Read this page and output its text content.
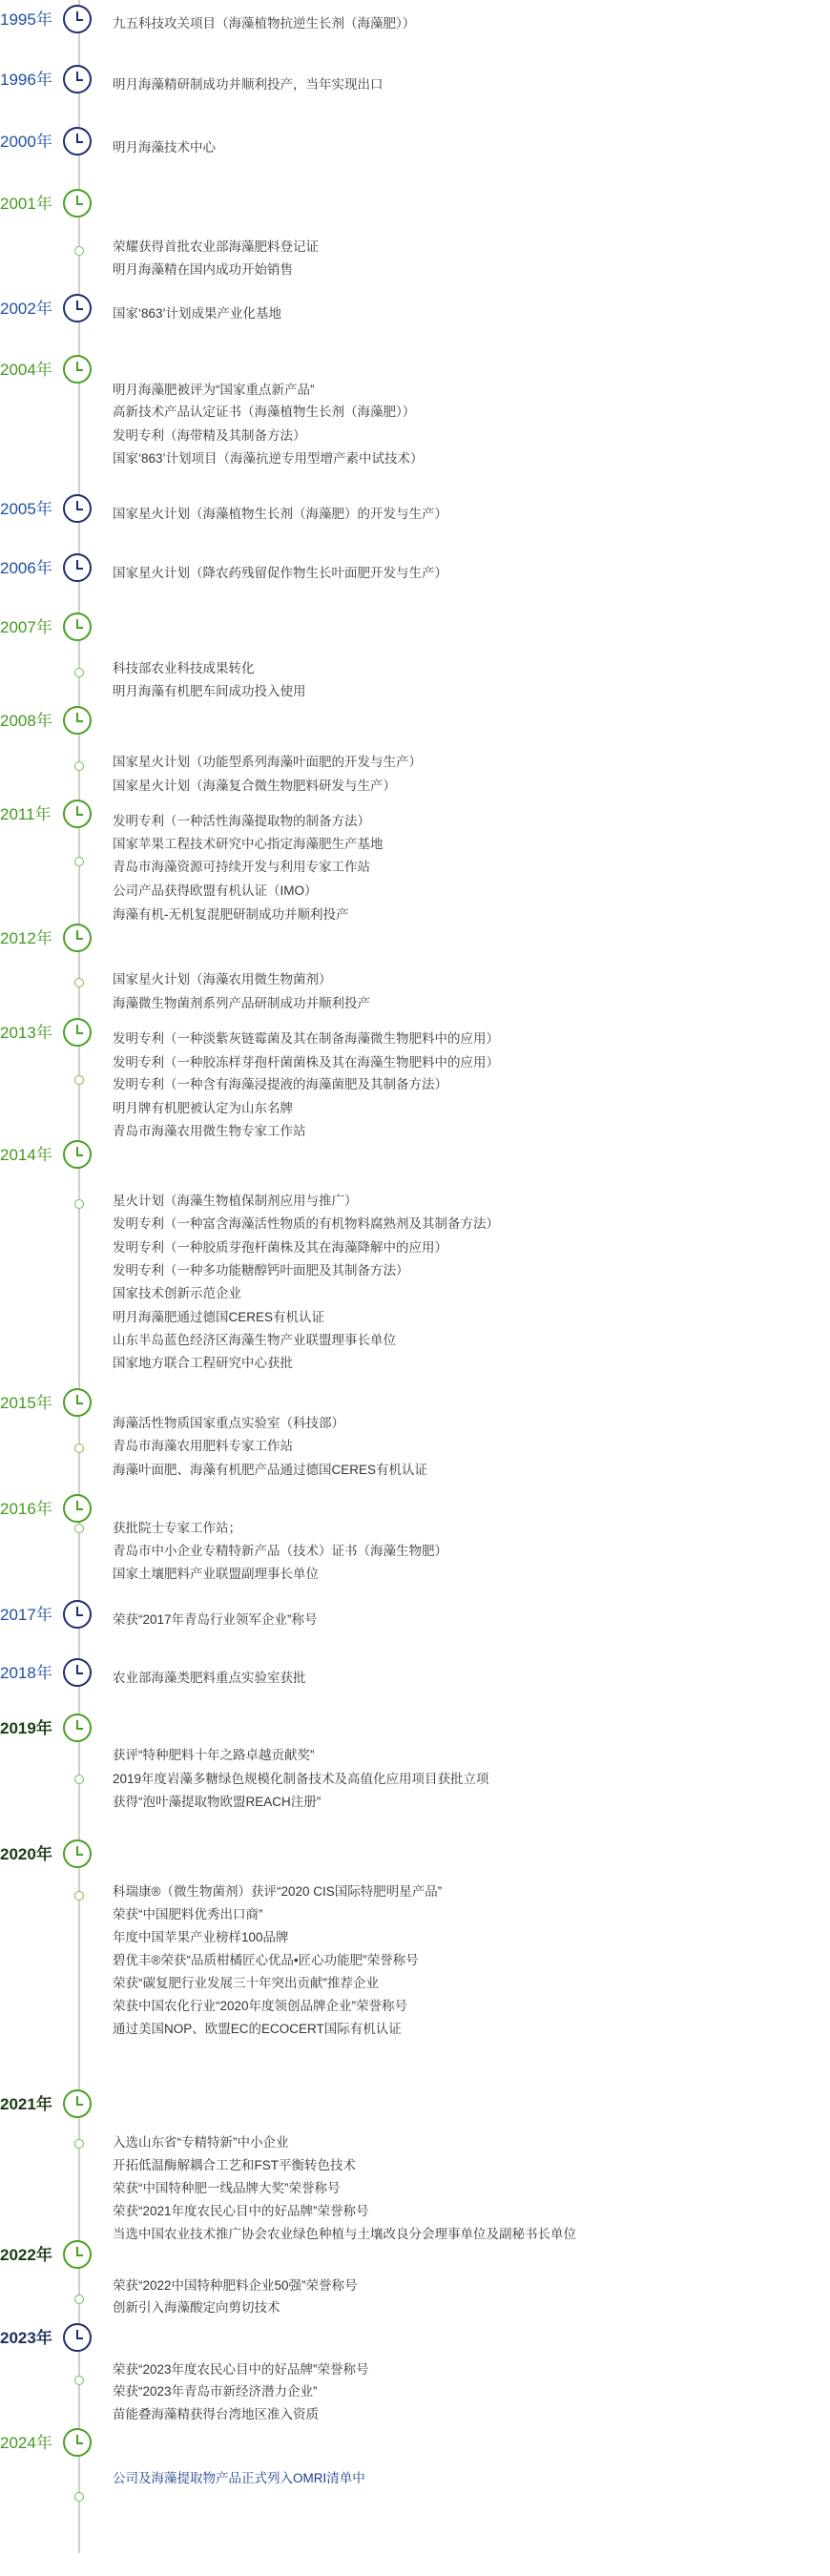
1995年	九五科技攻关项目（海藻植物抗逆生长剂（海藻肥））
1996年	明月海藻精研制成功并顺利投产，当年实现出口
2000年	明月海藻技术中心
2001年
荣耀获得首批农业部海藻肥料登记证
明月海藻精在国内成功开始销售
2002年	国家‘863’计划成果产业化基地
2004年
明月海藻肥被评为“国家重点新产品”
高新技术产品认定证书（海藻植物生长剂（海藻肥））
发明专利（海带精及其制备方法）
国家‘863’计划项目（海藻抗逆专用型增产素中试技术）
2005年	国家星火计划（海藻植物生长剂（海藻肥）的开发与生产）
2006年	国家星火计划（降农药残留促作物生长叶面肥开发与生产）
2007年
科技部农业科技成果转化
明月海藻有机肥车间成功投入使用
2008年
国家星火计划（功能型系列海藻叶面肥的开发与生产）
国家星火计划（海藻复合微生物肥料研发与生产）
2011年	发明专利（一种活性海藻提取物的制备方法）
国家苹果工程技术研究中心指定海藻肥生产基地
青岛市海藻资源可持续开发与利用专家工作站
公司产品获得欧盟有机认证（IMO）
海藻有机-无机复混肥研制成功并顺利投产
2012年
国家星火计划（海藻农用微生物菌剂）
海藻微生物菌剂系列产品研制成功并顺利投产
2013年	发明专利（一种淡紫灰链霉菌及其在制备海藻微生物肥料中的应用）
发明专利（一种胶冻样芽孢杆菌菌株及其在海藻生物肥料中的应用）
发明专利（一种含有海藻浸提液的海藻菌肥及其制备方法）
明月牌有机肥被认定为山东名牌
青岛市海藻农用微生物专家工作站
2014年
星火计划（海藻生物植保制剂应用与推广）
发明专利（一种富含海藻活性物质的有机物料腐熟剂及其制备方法）
发明专利（一种胶质芽孢杆菌株及其在海藻降解中的应用）
发明专利（一种多功能糖醇钙叶面肥及其制备方法）
国家技术创新示范企业
明月海藻肥通过德国CERES有机认证
山东半岛蓝色经济区海藻生物产业联盟理事长单位
国家地方联合工程研究中心获批
2015年
海藻活性物质国家重点实验室（科技部）
青岛市海藻农用肥料专家工作站
海藻叶面肥、海藻有机肥产品通过德国CERES有机认证
2016年
获批院士专家工作站；
青岛市中小企业专精特新产品（技术）证书（海藻生物肥）
国家土壤肥料产业联盟副理事长单位
2017年	荣获“2017年青岛行业领军企业”称号
2018年	农业部海藻类肥料重点实验室获批
2019年
获评“特种肥料十年之路卓越贡献奖”
2019年度岩藻多糖绿色规模化制备技术及高值化应用项目获批立项
获得“泡叶藻提取物欧盟REACH注册”
2020年
科瑞康®（微生物菌剂）获评“2020 CIS国际特肥明星产品”
荣获“中国肥料优秀出口商”
年度中国苹果产业榜样100品牌
碧优丰®荣获“品质柑橘匠心优品•匠心功能肥”荣誉称号
荣获“碳复肥行业发展三十年突出贡献”推荐企业
荣获中国农化行业“2020年度领创品牌企业”荣誉称号
通过美国NOP、欧盟EC的ECOCERT国际有机认证
2021年
入选山东省“专精特新”中小企业
开拓低温酶解耦合工艺和FST平衡转色技术
荣获“中国特种肥一线品牌大奖”荣誉称号
荣获“2021年度农民心目中的好品牌”荣誉称号
当选中国农业技术推广协会农业绿色种植与土壤改良分会理事单位及副秘书长单位
2022年
荣获“2022中国特种肥料企业50强”荣誉称号
创新引入海藻酸定向剪切技术
2023年
荣获“2023年度农民心目中的好品牌”荣誉称号
荣获“2023年青岛市新经济潜力企业”
苗能叠海藻精获得台湾地区准入资质
2024年
公司及海藻提取物产品正式列入OMRI清单中
